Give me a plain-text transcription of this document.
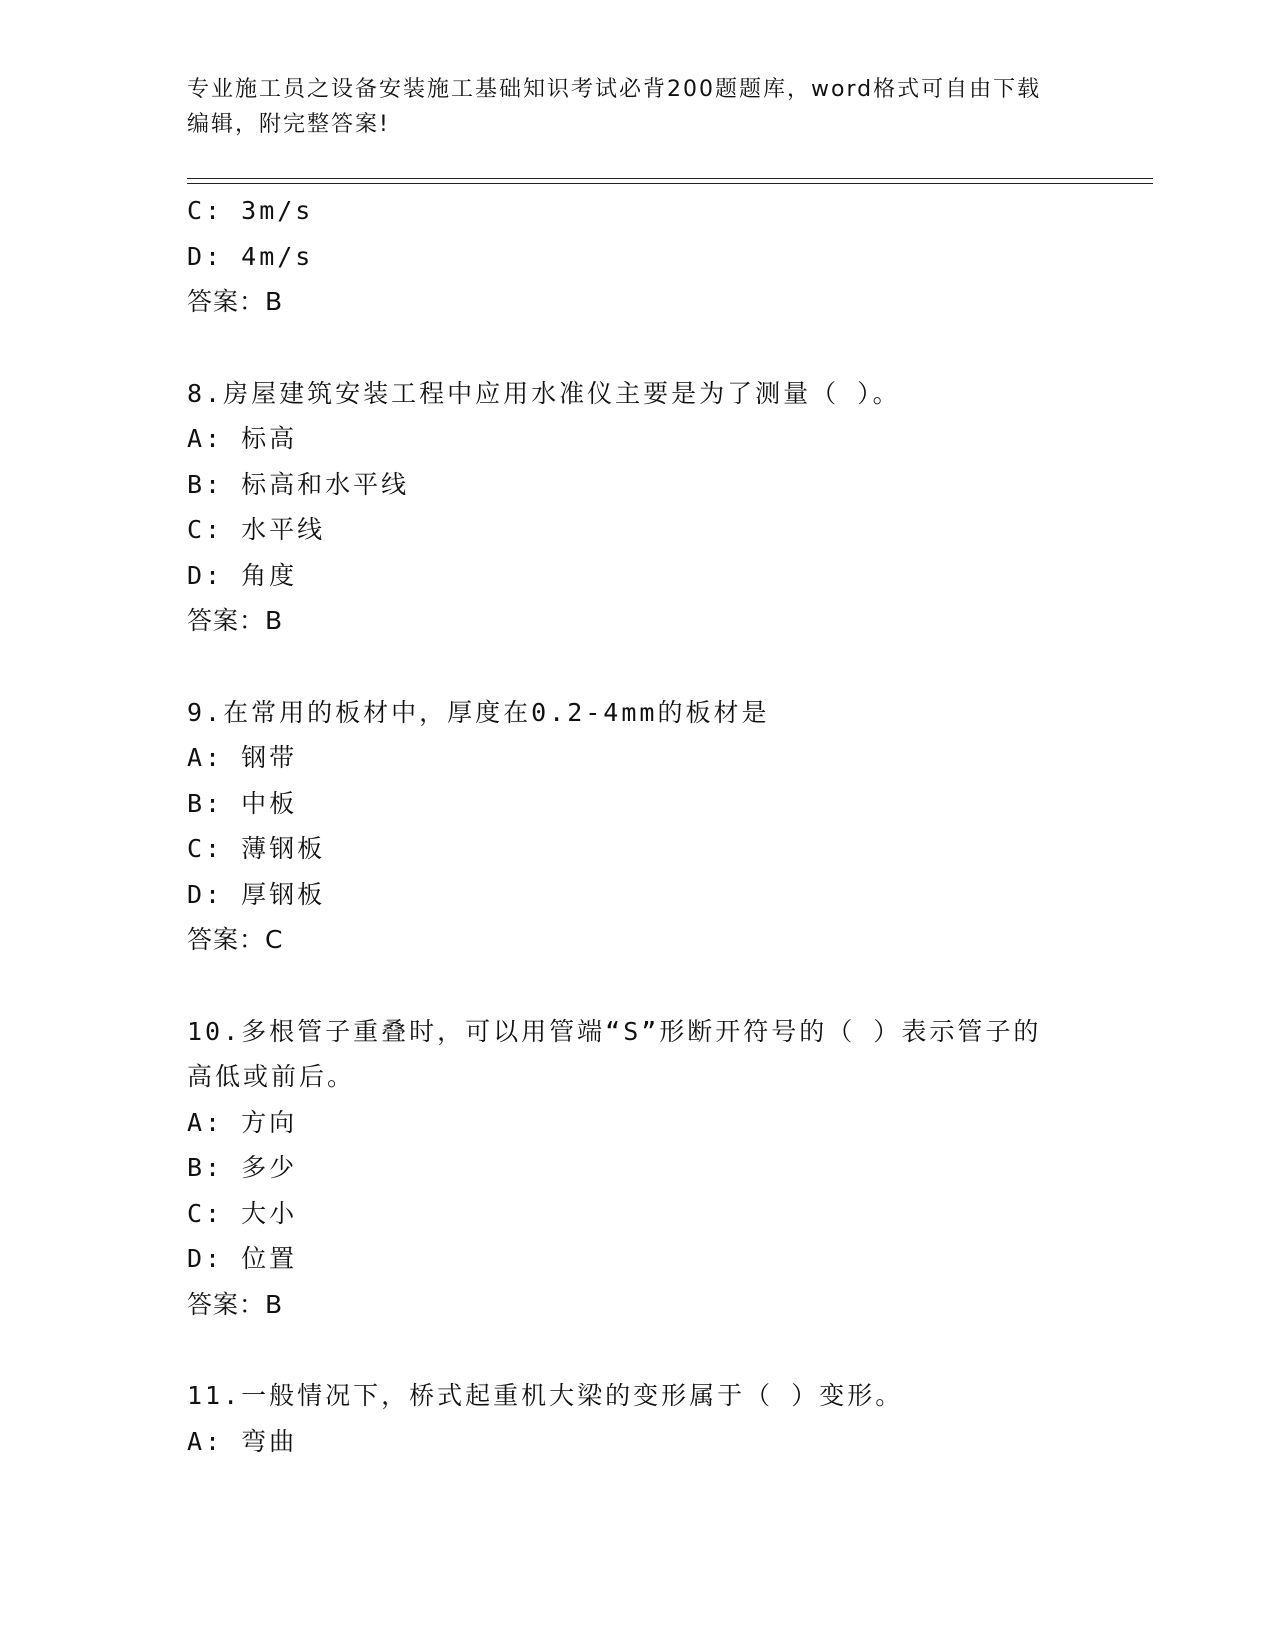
专业施工员之设备安装施工基础知识考试必背200题题库，word格式可自由下载
编辑，附完整答案!
C: 3m/s
D: 4m/s
答案：B
8.房屋建筑安装工程中应用水准仪主要是为了测量（ ）。
A: 标高
B: 标高和水平线
C: 水平线
D: 角度
答案：B
9.在常用的板材中，厚度在0.2-4mm的板材是
A: 钢带
B: 中板
C: 薄钢板
D: 厚钢板
答案：C
10.多根管子重叠时，可以用管端“S”形断开符号的（ ）表示管子的
高低或前后。
A: 方向
B: 多少
C: 大小
D: 位置
答案：B
11.一般情况下，桥式起重机大梁的变形属于（ ）变形。
A: 弯曲
